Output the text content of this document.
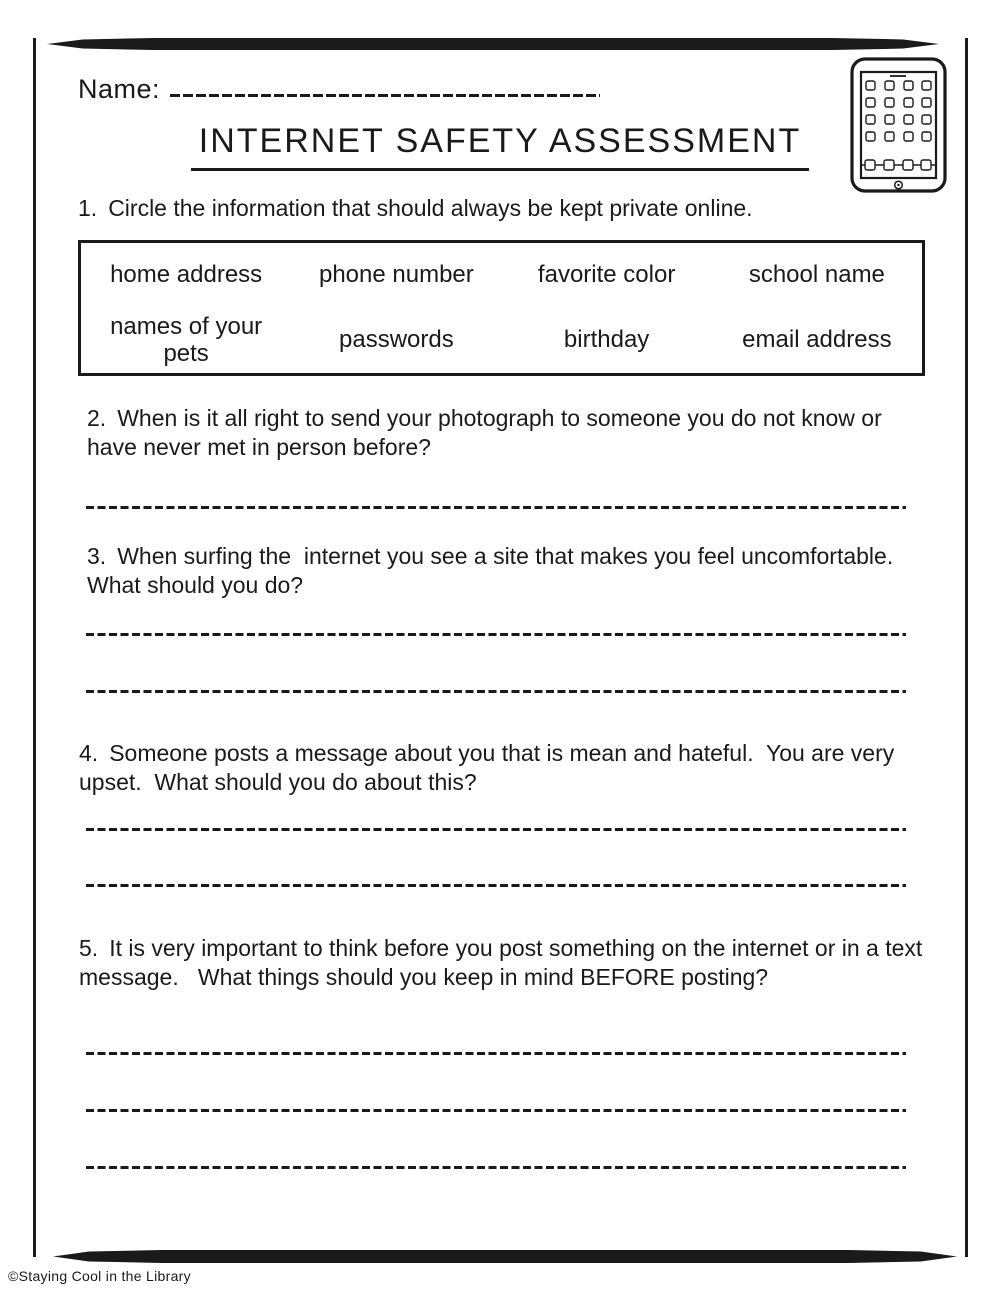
Name:
INTERNET SAFETY ASSESSMENT
1. Circle the information that should always be kept private online.
home address	phone number	favorite color	school name
names of your pets	passwords	birthday	email address
2. When is it all right to send your photograph to someone you do not know or have never met in person before?
3. When surfing the  internet you see a site that makes you feel uncomfortable.  What should you do?
4. Someone posts a message about you that is mean and hateful.  You are very upset.  What should you do about this?
5. It is very important to think before you post something on the internet or in a text message.   What things should you keep in mind BEFORE posting?
©Staying Cool in the Library
